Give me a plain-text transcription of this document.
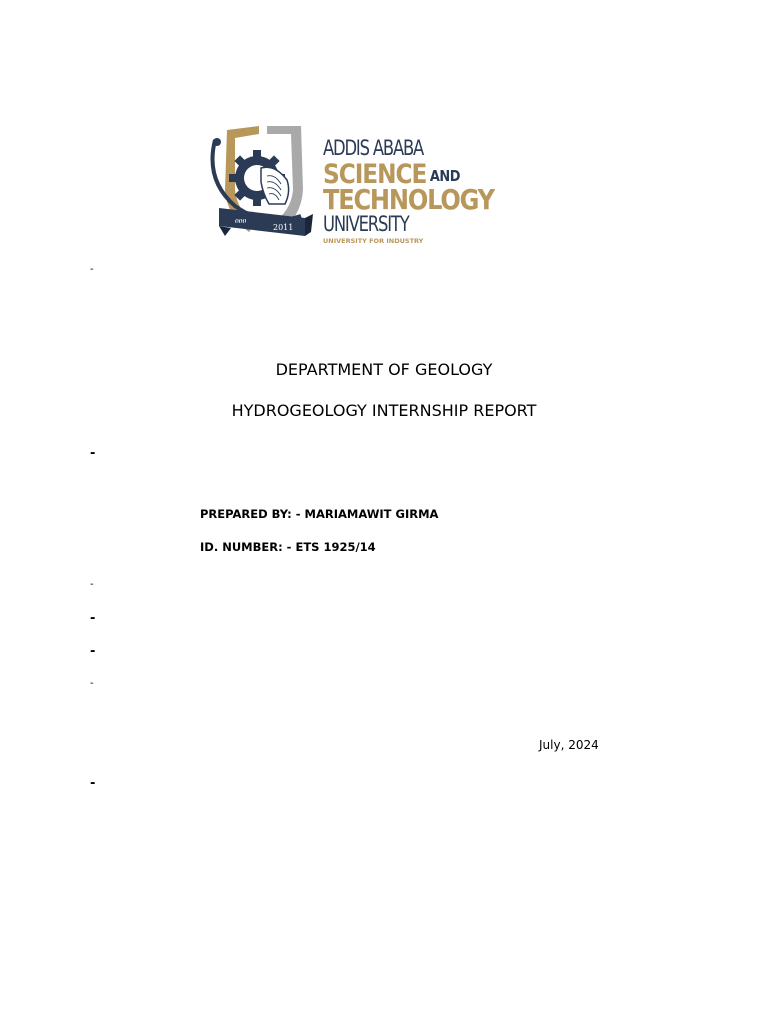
ዐዐዐ
2011
ADDIS ABABA
SCIENCE AND
TECHNOLOGY
UNIVERSITY
UNIVERSITY FOR INDUSTRY
-
DEPARTMENT OF GEOLOGY
HYDROGEOLOGY INTERNSHIP REPORT
-
PREPARED BY: - MARIAMAWIT GIRMA
ID. NUMBER: - ETS 1925/14
-
-
-
-
July, 2024
-
